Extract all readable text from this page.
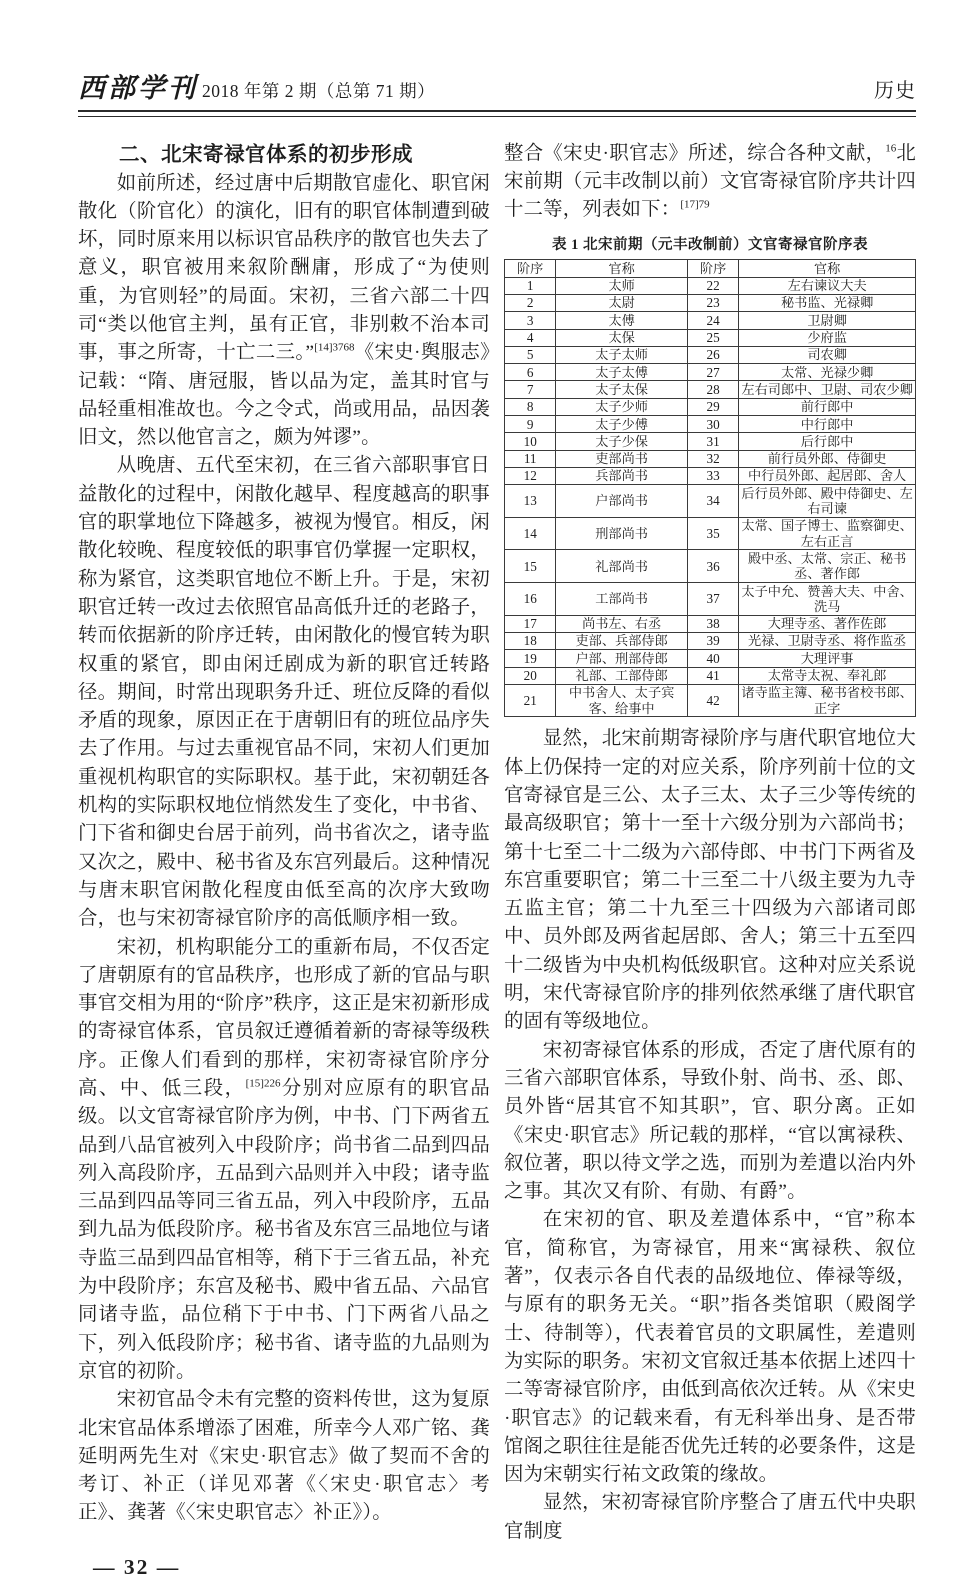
西部学刊 2018 年第 2 期（总第 71 期）	历史
二、北宋寄禄官体系的初步形成

如前所述，经过唐中后期散官虚化、职官闲散化（阶官化）的演化，旧有的职官体制遭到破坏，同时原来用以标识官品秩序的散官也失去了意义，职官被用来叙阶酬庸，形成了“为使则重，为官则轻”的局面。宋初，三省六部二十四司“类以他官主判，虽有正官，非别敕不治本司事，事之所寄，十亡二三。”$^{[14]3768}$《宋史·舆服志》记载：“隋、唐冠服，皆以品为定，盖其时官与品轻重相准故也。今之令式，尚或用品，品因袭旧文，然以他官言之，颇为舛谬”。

从晚唐、五代至宋初，在三省六部职事官日益散化的过程中，闲散化越早、程度越高的职事官的职掌地位下降越多，被视为慢官。相反，闲散化较晚、程度较低的职事官仍掌握一定职权，称为紧官，这类职官地位不断上升。于是，宋初职官迁转一改过去依照官品高低升迁的老路子，转而依据新的阶序迁转，由闲散化的慢官转为职权重的紧官，即由闲迁剧成为新的职官迁转路径。期间，时常出现职务升迁、班位反降的看似矛盾的现象，原因正在于唐朝旧有的班位品序失去了作用。与过去重视官品不同，宋初人们更加重视机构职官的实际职权。基于此，宋初朝廷各机构的实际职权地位悄然发生了变化，中书省、门下省和御史台居于前列，尚书省次之，诸寺监又次之，殿中、秘书省及东宫列最后。这种情况与唐末职官闲散化程度由低至高的次序大致吻合，也与宋初寄禄官阶序的高低顺序相一致。

宋初，机构职能分工的重新布局，不仅否定了唐朝原有的官品秩序，也形成了新的官品与职事官交相为用的“阶序”秩序，这正是宋初新形成的寄禄官体系，官员叙迁遵循着新的寄禄等级秩序。正像人们看到的那样，宋初寄禄官阶序分高、中、低三段，$^{[15]226}$分别对应原有的职官品级。以文官寄禄官阶序为例，中书、门下两省五品到八品官被列入中段阶序；尚书省二品到四品列入高段阶序，五品到六品则并入中段；诸寺监三品到四品等同三省五品，列入中段阶序，五品到九品为低段阶序。秘书省及东宫三品地位与诸寺监三品到四品官相等，稍下于三省五品，补充为中段阶序；东宫及秘书、殿中省五品、六品官同诸寺监，品位稍下于中书、门下两省八品之下，列入低段阶序；秘书省、诸寺监的九品则为京官的初阶。

宋初官品令未有完整的资料传世，这为复原北宋官品体系增添了困难，所幸今人邓广铭、龚延明两先生对《宋史·职官志》做了契而不舍的考订、补正（详见邓著《〈宋史·职官志〉考正》、龚著《〈宋史职官志〉补正》）。

整合《宋史·职官志》所述，综合各种文献，$^{16}$北宋前期（元丰改制以前）文官寄禄官阶序共计四十二等，列表如下：$^{[17]79}$

表 1 北宋前期（元丰改制前）文官寄禄官阶序表
阶序	官称	阶序	官称
1	太师	22	左右谏议大夫
2	太尉	23	秘书监、光禄卿
3	太傅	24	卫尉卿
4	太保	25	少府监
5	太子太师	26	司农卿
6	太子太傅	27	太常、光禄少卿
7	太子太保	28	左右司郎中、卫尉、司农少卿
8	太子少师	29	前行郎中
9	太子少傅	30	中行郎中
10	太子少保	31	后行郎中
11	吏部尚书	32	前行员外郎、侍御史
12	兵部尚书	33	中行员外郎、起居郎、舍人
13	户部尚书	34	后行员外郎、殿中侍御史、左右司谏
14	刑部尚书	35	太常、国子博士、监察御史、左右正言
15	礼部尚书	36	殿中丞、太常、宗正、秘书丞、著作郎
16	工部尚书	37	太子中允、赞善大夫、中舍、洗马
17	尚书左、右丞	38	大理寺丞、著作佐郎
18	吏部、兵部侍郎	39	光禄、卫尉寺丞、将作监丞
19	户部、刑部侍郎	40	大理评事
20	礼部、工部侍郎	41	太常寺太祝、奉礼郎
21	中书舍人、太子宾客、给事中	42	诸寺监主簿、秘书省校书郎、正字

显然，北宋前期寄禄阶序与唐代职官地位大体上仍保持一定的对应关系，阶序列前十位的文官寄禄官是三公、太子三太、太子三少等传统的最高级职官；第十一至十六级分别为六部尚书；第十七至二十二级为六部侍郎、中书门下两省及东宫重要职官；第二十三至二十八级主要为九寺五监主官；第二十九至三十四级为六部诸司郎中、员外郎及两省起居郎、舍人；第三十五至四十二级皆为中央机构低级职官。这种对应关系说明，宋代寄禄官阶序的排列依然承继了唐代职官的固有等级地位。

宋初寄禄官体系的形成，否定了唐代原有的三省六部职官体系，导致仆射、尚书、丞、郎、员外皆“居其官不知其职”，官、职分离。正如《宋史·职官志》所记载的那样，“官以寓禄秩、叙位著，职以待文学之选，而别为差遣以治内外之事。其次又有阶、有勋、有爵”。

在宋初的官、职及差遣体系中，“官”称本官，简称官，为寄禄官，用来“寓禄秩、叙位著”，仅表示各自代表的品级地位、俸禄等级，与原有的职务无关。“职”指各类馆职（殿阁学士、待制等），代表着官员的文职属性，差遣则为实际的职务。宋初文官叙迁基本依据上述四十二等寄禄官阶序，由低到高依次迁转。从《宋史·职官志》的记载来看，有无科举出身、是否带馆阁之职往往是能否优先迁转的必要条件，这是因为宋朝实行祐文政策的缘故。

显然，宋初寄禄官阶序整合了唐五代中央职官制度

— 32 —
